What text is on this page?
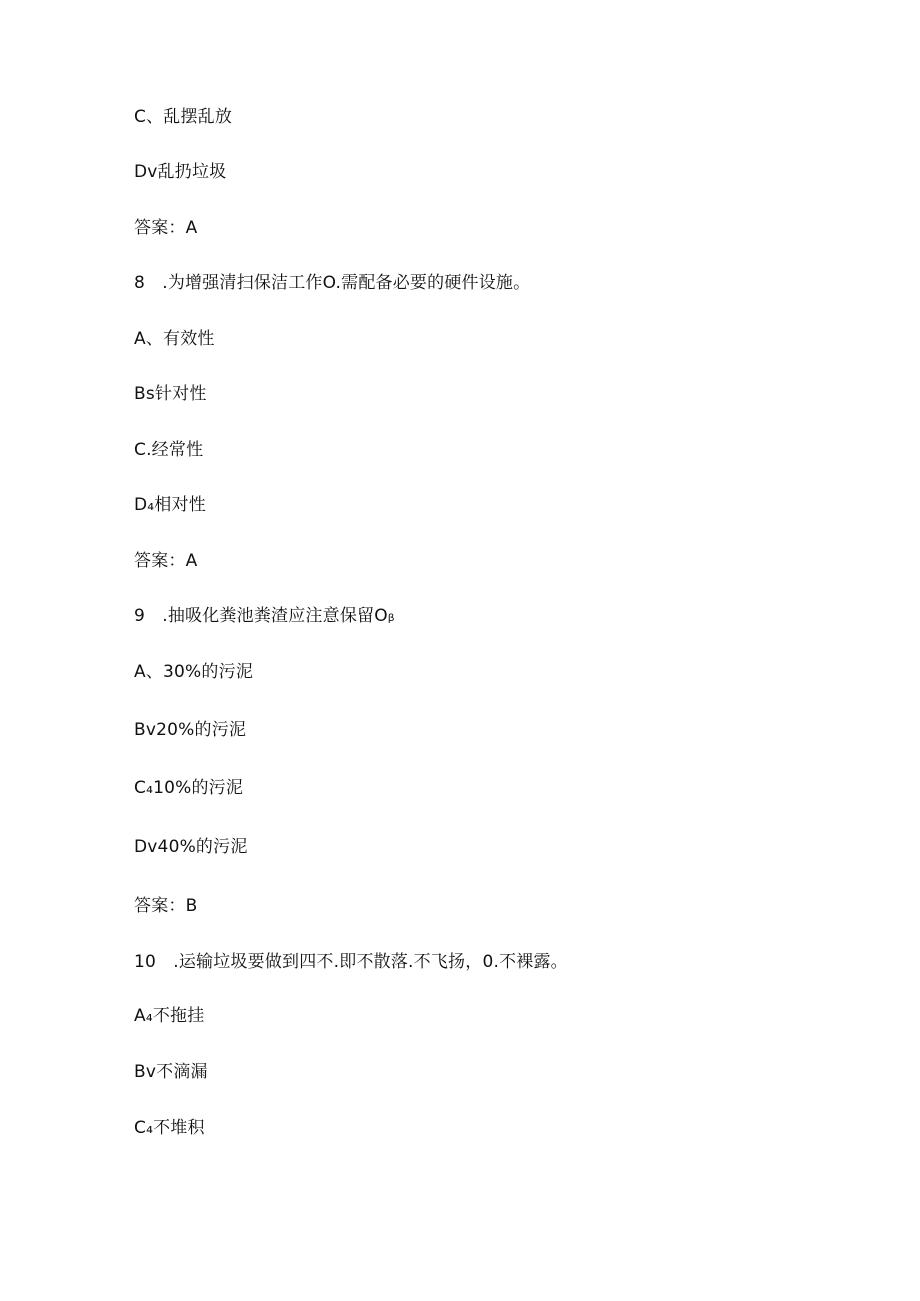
C、乱摆乱放
Dv乱扔垃圾
答案：A
8　.为增强清扫保洁工作O.需配备必要的硬件设施。
A、有效性
Bs针对性
C.经常性
D₄相对性
答案：A
9　.抽吸化粪池粪渣应注意保留Oᵦ
A、30%的污泥
Bv20%的污泥
C₄10%的污泥
Dv40%的污泥
答案：B
10　.运输垃圾要做到四不.即不散落.不飞扬，0.不裸露。
A₄不拖挂
Bv不滴漏
C₄不堆积
